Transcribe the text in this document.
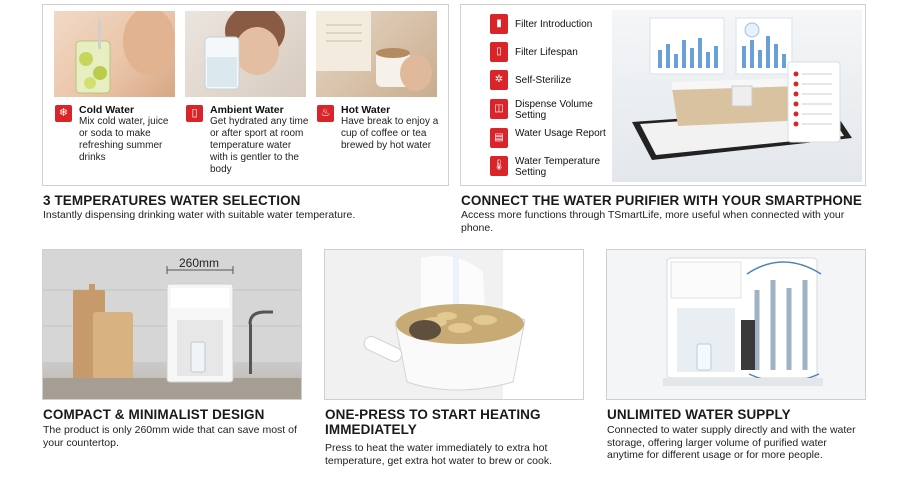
❄	Cold Water
Mix cold water, juice or soda to make refreshing summer drinks
▯	Ambient Water
Get hydrated any time or after sport at room temperature water with is gentler to the body
♨	Hot Water
Have break to enjoy a cup of coffee or tea brewed by hot water
3 TEMPERATURES WATER SELECTION
Instantly dispensing drinking water with suitable water temperature.
▮	Filter Introduction
▯	Filter Lifespan
✲	Self-Sterilize
◫	Dispense Volume Setting
▤	Water Usage Report
🌡 Water Temperature Setting
CONNECT THE WATER PURIFIER WITH YOUR SMARTPHONE
Access more functions through TSmartLife, more useful when connected with your phone.
260mm
COMPACT & MINIMALIST DESIGN
The product is only 260mm wide that can save most of your countertop.
ONE-PRESS TO START HEATING IMMEDIATELY
Press to heat the water immediately to extra hot temperature, get extra hot water to brew or cook.
UNLIMITED WATER SUPPLY
Connected to water supply directly and with the water storage, offering larger volume of purified water anytime for different usage or for more people.
